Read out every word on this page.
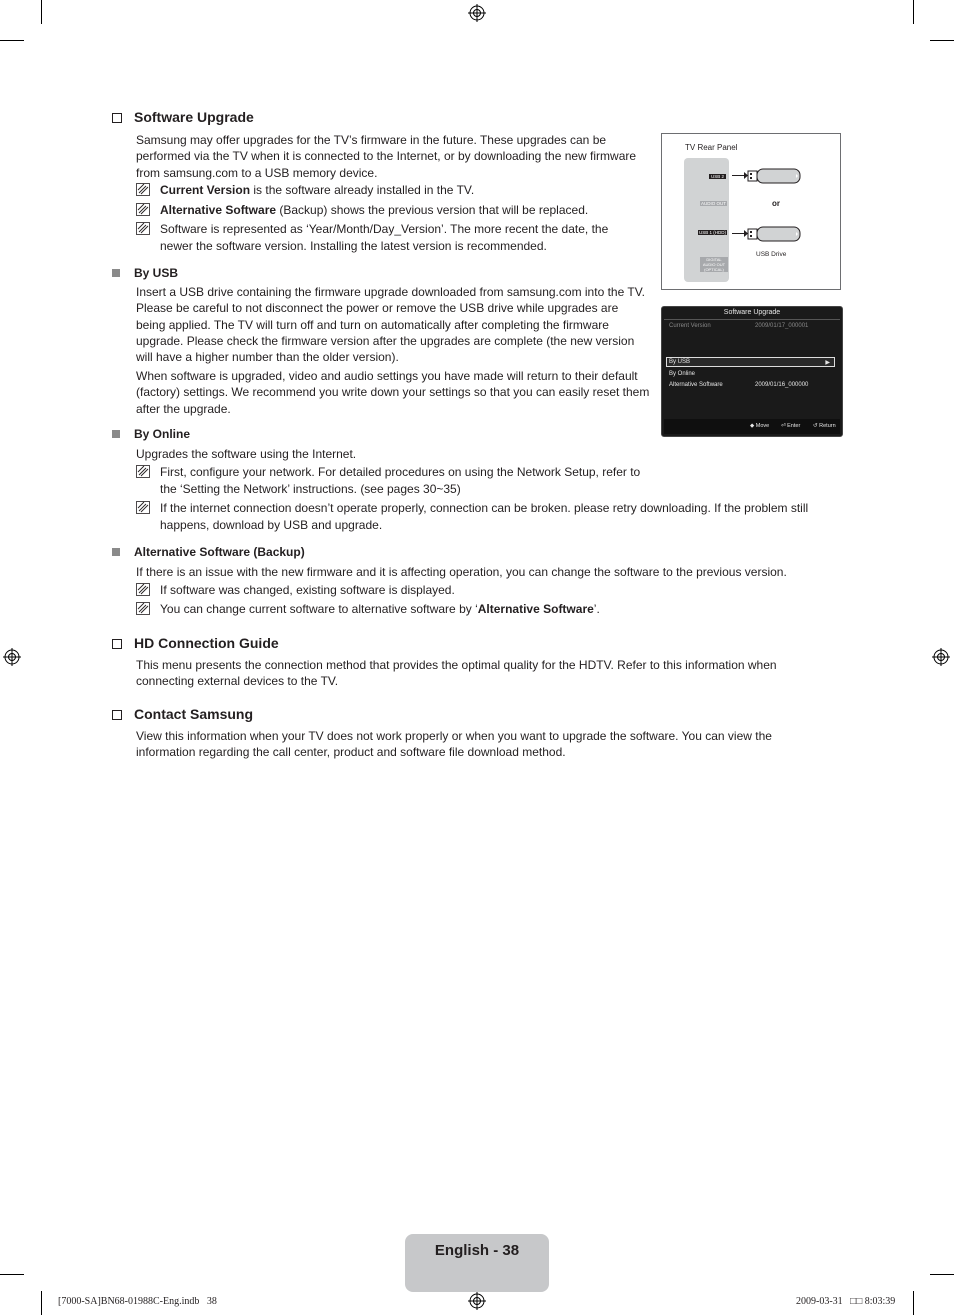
Software Upgrade
Samsung may offer upgrades for the TV’s firmware in the future. These upgrades can be performed via the TV when it is connected to the Internet, or by downloading the new firmware from samsung.com to a USB memory device.
Current Version is the software already installed in the TV.
Alternative Software (Backup) shows the previous version that will be replaced.
Software is represented as ‘Year/Month/Day_Version’. The more recent the date, the newer the software version. Installing the latest version is recommended.
TV Rear Panel
USB 2
AUDIO OUT
USB 1 (HDD)
DIGITAL AUDIO OUT (OPTICAL)
or
USB Drive
Software Upgrade
Current Version	2009/01/17_000001
By USB	▶
By Online
Alternative Software	2009/01/16_000000
◆ Move ⏎ Enter ↺ Return
By USB
Insert a USB drive containing the firmware upgrade downloaded from samsung.com into the TV. Please be careful to not disconnect the power or remove the USB drive while upgrades are being applied. The TV will turn off and turn on automatically after completing the firmware upgrade. Please check the firmware version after the upgrades are complete (the new version will have a higher number than the older version).
When software is upgraded, video and audio settings you have made will return to their default (factory) settings. We recommend you write down your settings so that you can easily reset them after the upgrade.
By Online
Upgrades the software using the Internet.
First, configure your network. For detailed procedures on using the Network Setup, refer to the ‘Setting the Network’ instructions. (see pages 30~35)
If the internet connection doesn’t operate properly, connection can be broken. please retry downloading. If the problem still happens, download by USB and upgrade.
Alternative Software (Backup)
If there is an issue with the new firmware and it is affecting operation, you can change the software to the previous version.
If software was changed, existing software is displayed.
You can change current software to alternative software by ‘Alternative Software’.
HD Connection Guide
This menu presents the connection method that provides the optimal quality for the HDTV. Refer to this information when connecting external devices to the TV.
Contact Samsung
View this information when your TV does not work properly or when you want to upgrade the software. You can view the information regarding the call center, product and software file download method.
English - 38
[7000-SA]BN68-01988C-Eng.indb   38	2009-03-31   □□ 8:03:39
